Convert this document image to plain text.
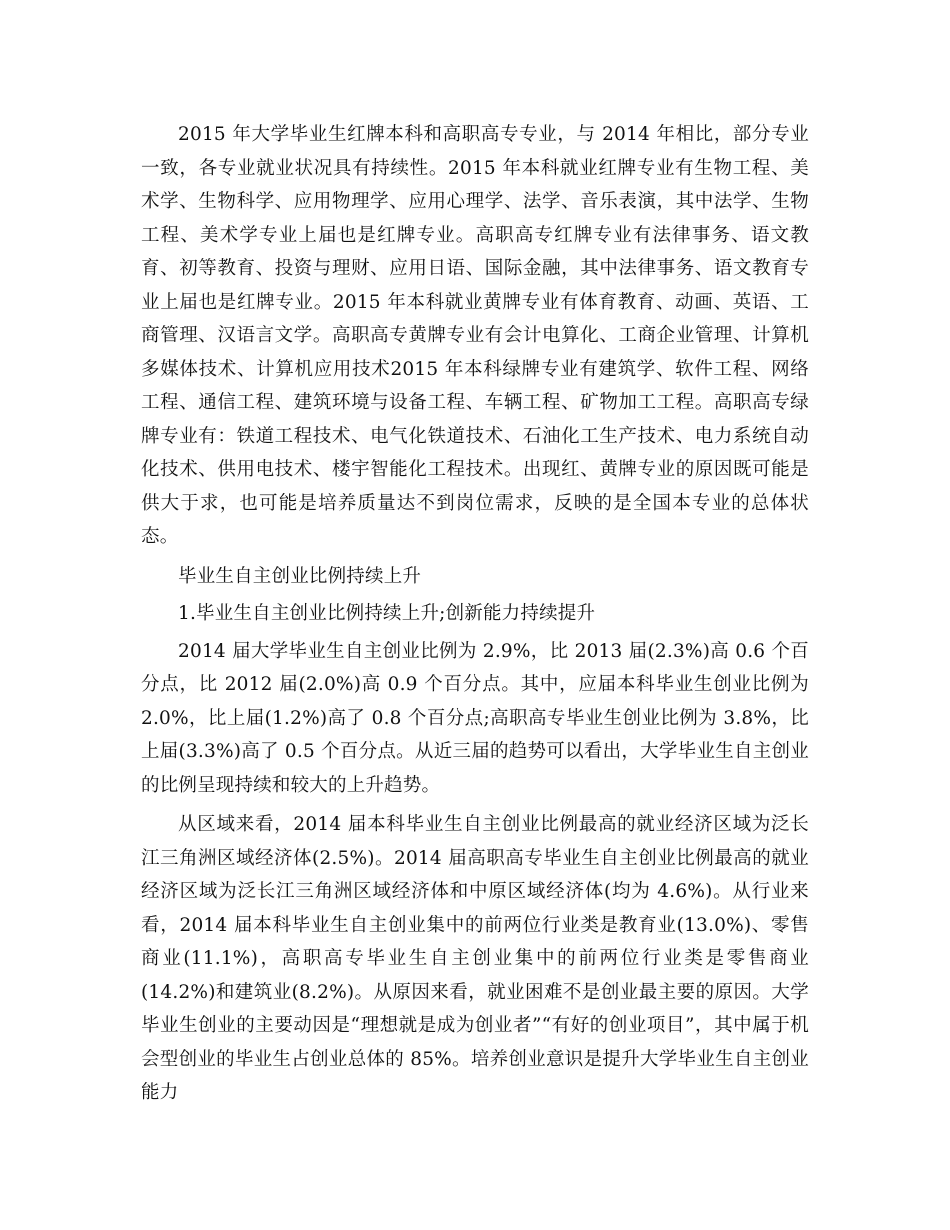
2015 年大学毕业生红牌本科和高职高专专业，与 2014 年相比，部分专业一致，各专业就业状况具有持续性。2015 年本科就业红牌专业有生物工程、美术学、生物科学、应用物理学、应用心理学、法学、音乐表演，其中法学、生物工程、美术学专业上届也是红牌专业。高职高专红牌专业有法律事务、语文教育、初等教育、投资与理财、应用日语、国际金融，其中法律事务、语文教育专业上届也是红牌专业。2015 年本科就业黄牌专业有体育教育、动画、英语、工商管理、汉语言文学。高职高专黄牌专业有会计电算化、工商企业管理、计算机多媒体技术、计算机应用技术2015 年本科绿牌专业有建筑学、软件工程、网络工程、通信工程、建筑环境与设备工程、车辆工程、矿物加工工程。高职高专绿牌专业有：铁道工程技术、电气化铁道技术、石油化工生产技术、电力系统自动化技术、供用电技术、楼宇智能化工程技术。出现红、黄牌专业的原因既可能是供大于求，也可能是培养质量达不到岗位需求，反映的是全国本专业的总体状态。

毕业生自主创业比例持续上升

1.毕业生自主创业比例持续上升;创新能力持续提升

2014 届大学毕业生自主创业比例为 2.9%，比 2013 届(2.3%)高 0.6 个百分点，比 2012 届(2.0%)高 0.9 个百分点。其中，应届本科毕业生创业比例为 2.0%，比上届(1.2%)高了 0.8 个百分点;高职高专毕业生创业比例为 3.8%，比上届(3.3%)高了 0.5 个百分点。从近三届的趋势可以看出，大学毕业生自主创业的比例呈现持续和较大的上升趋势。

从区域来看，2014 届本科毕业生自主创业比例最高的就业经济区域为泛长江三角洲区域经济体(2.5%)。2014 届高职高专毕业生自主创业比例最高的就业经济区域为泛长江三角洲区域经济体和中原区域经济体(均为 4.6%)。从行业来看，2014 届本科毕业生自主创业集中的前两位行业类是教育业(13.0%)、零售商业(11.1%)，高职高专毕业生自主创业集中的前两位行业类是零售商业(14.2%)和建筑业(8.2%)。从原因来看，就业困难不是创业最主要的原因。大学毕业生创业的主要动因是“理想就是成为创业者”“有好的创业项目”，其中属于机会型创业的毕业生占创业总体的 85%。培养创业意识是提升大学毕业生自主创业能力
